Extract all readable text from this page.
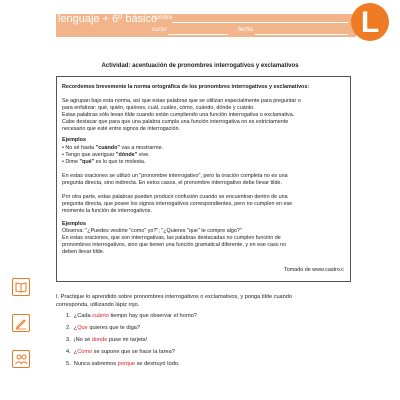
lenguaje + 6º básico
nombre
curso	fecha	L
Actividad: acentuación de pronombres interrogativos y exclamativos
Recordemos brevemente la norma ortográfica de los pronombres interrogativos y exclamativos:
Se agrupan bajo esta norma, así que estas palabras que se utilizan especialmente para preguntar o
para enfatizar: qué, quién, quiénes, cuál, cuáles, cómo, cuándo, dónde y cuánto.
Estas palabras sólo levan tilde cuando están cumpliendo una función interrogativa o exclamativa.
Cabe destacar que para que una palabra cumpla una función interrogativa no es estrictamente
necesario que esté entre signos de interrogación.
Ejemplos
• No sé hasta "cuándo" vas a mostrarme.
• Tengo que averiguar "dónde" vive.
• Dime "qué" es lo que te molesta.
En estas oraciones se utilizó un "pronombre interrogativo", pero la oración completa no es una
pregunta directa, sino indirecta. En estos casos, el pronombre interrogativo debe llevar tilde.
Por otra parte, estas palabras pueden producir confusión cuando se encuentran dentro de una
pregunta directa, que posee los signos interrogativos correspondientes, pero no cumplen en ese
momento la función de interrogativos.
Ejemplos
Observa: "¿Puedes vestirte "como" yo?"; "¿Quieres "que" te compre algo?"
En estas oraciones, que son interrogativas, las palabras destacadas no cumplen función de
pronombres interrogativos, sino que tienen una función gramatical diferente, y en ese caso no
deben llevar tilde.
Tomado de www.castro.c
I. Practique lo aprendido sobre pronombres interrogativos o exclamativos, y ponga tilde cuando
corresponda, utilizando lápiz rojo.
1. ¿Cada cuánto tiempo hay que observar el horno?
2. ¿Que quieres que te diga?
3. ¡No sé donde puse mi tarjeta!
4. ¿Como se supone que se hace la tarea?
5. Nunca sabremos porque se destruyó todo.
